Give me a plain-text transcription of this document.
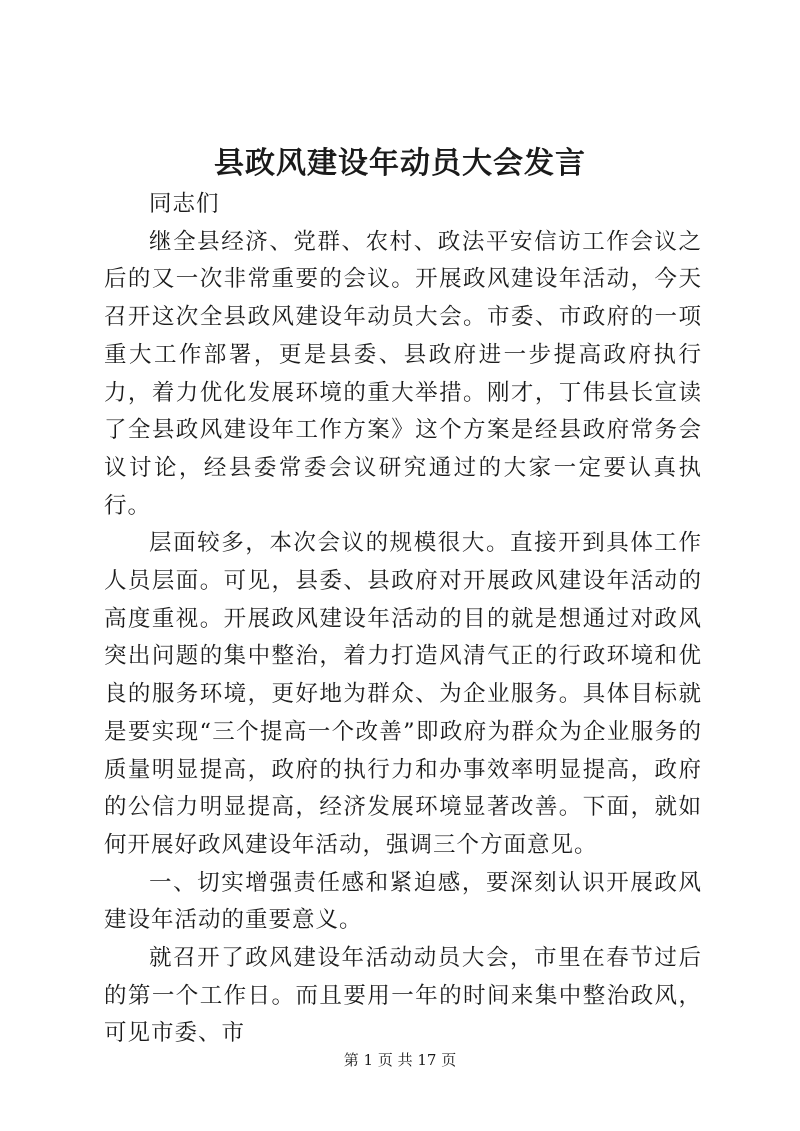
县政风建设年动员大会发言

同志们

继全县经济、党群、农村、政法平安信访工作会议之后的又一次非常重要的会议。开展政风建设年活动，今天召开这次全县政风建设年动员大会。市委、市政府的一项重大工作部署，更是县委、县政府进一步提高政府执行力，着力优化发展环境的重大举措。刚才，丁伟县长宣读了全县政风建设年工作方案》这个方案是经县政府常务会议讨论，经县委常委会议研究通过的大家一定要认真执行。

层面较多，本次会议的规模很大。直接开到具体工作人员层面。可见，县委、县政府对开展政风建设年活动的高度重视。开展政风建设年活动的目的就是想通过对政风突出问题的集中整治，着力打造风清气正的行政环境和优良的服务环境，更好地为群众、为企业服务。具体目标就是要实现“三个提高一个改善”即政府为群众为企业服务的质量明显提高，政府的执行力和办事效率明显提高，政府的公信力明显提高，经济发展环境显著改善。下面，就如何开展好政风建设年活动，强调三个方面意见。

一、切实增强责任感和紧迫感，要深刻认识开展政风建设年活动的重要意义。

就召开了政风建设年活动动员大会，市里在春节过后的第一个工作日。而且要用一年的时间来集中整治政风，可见市委、市

第 1 页 共 17 页
